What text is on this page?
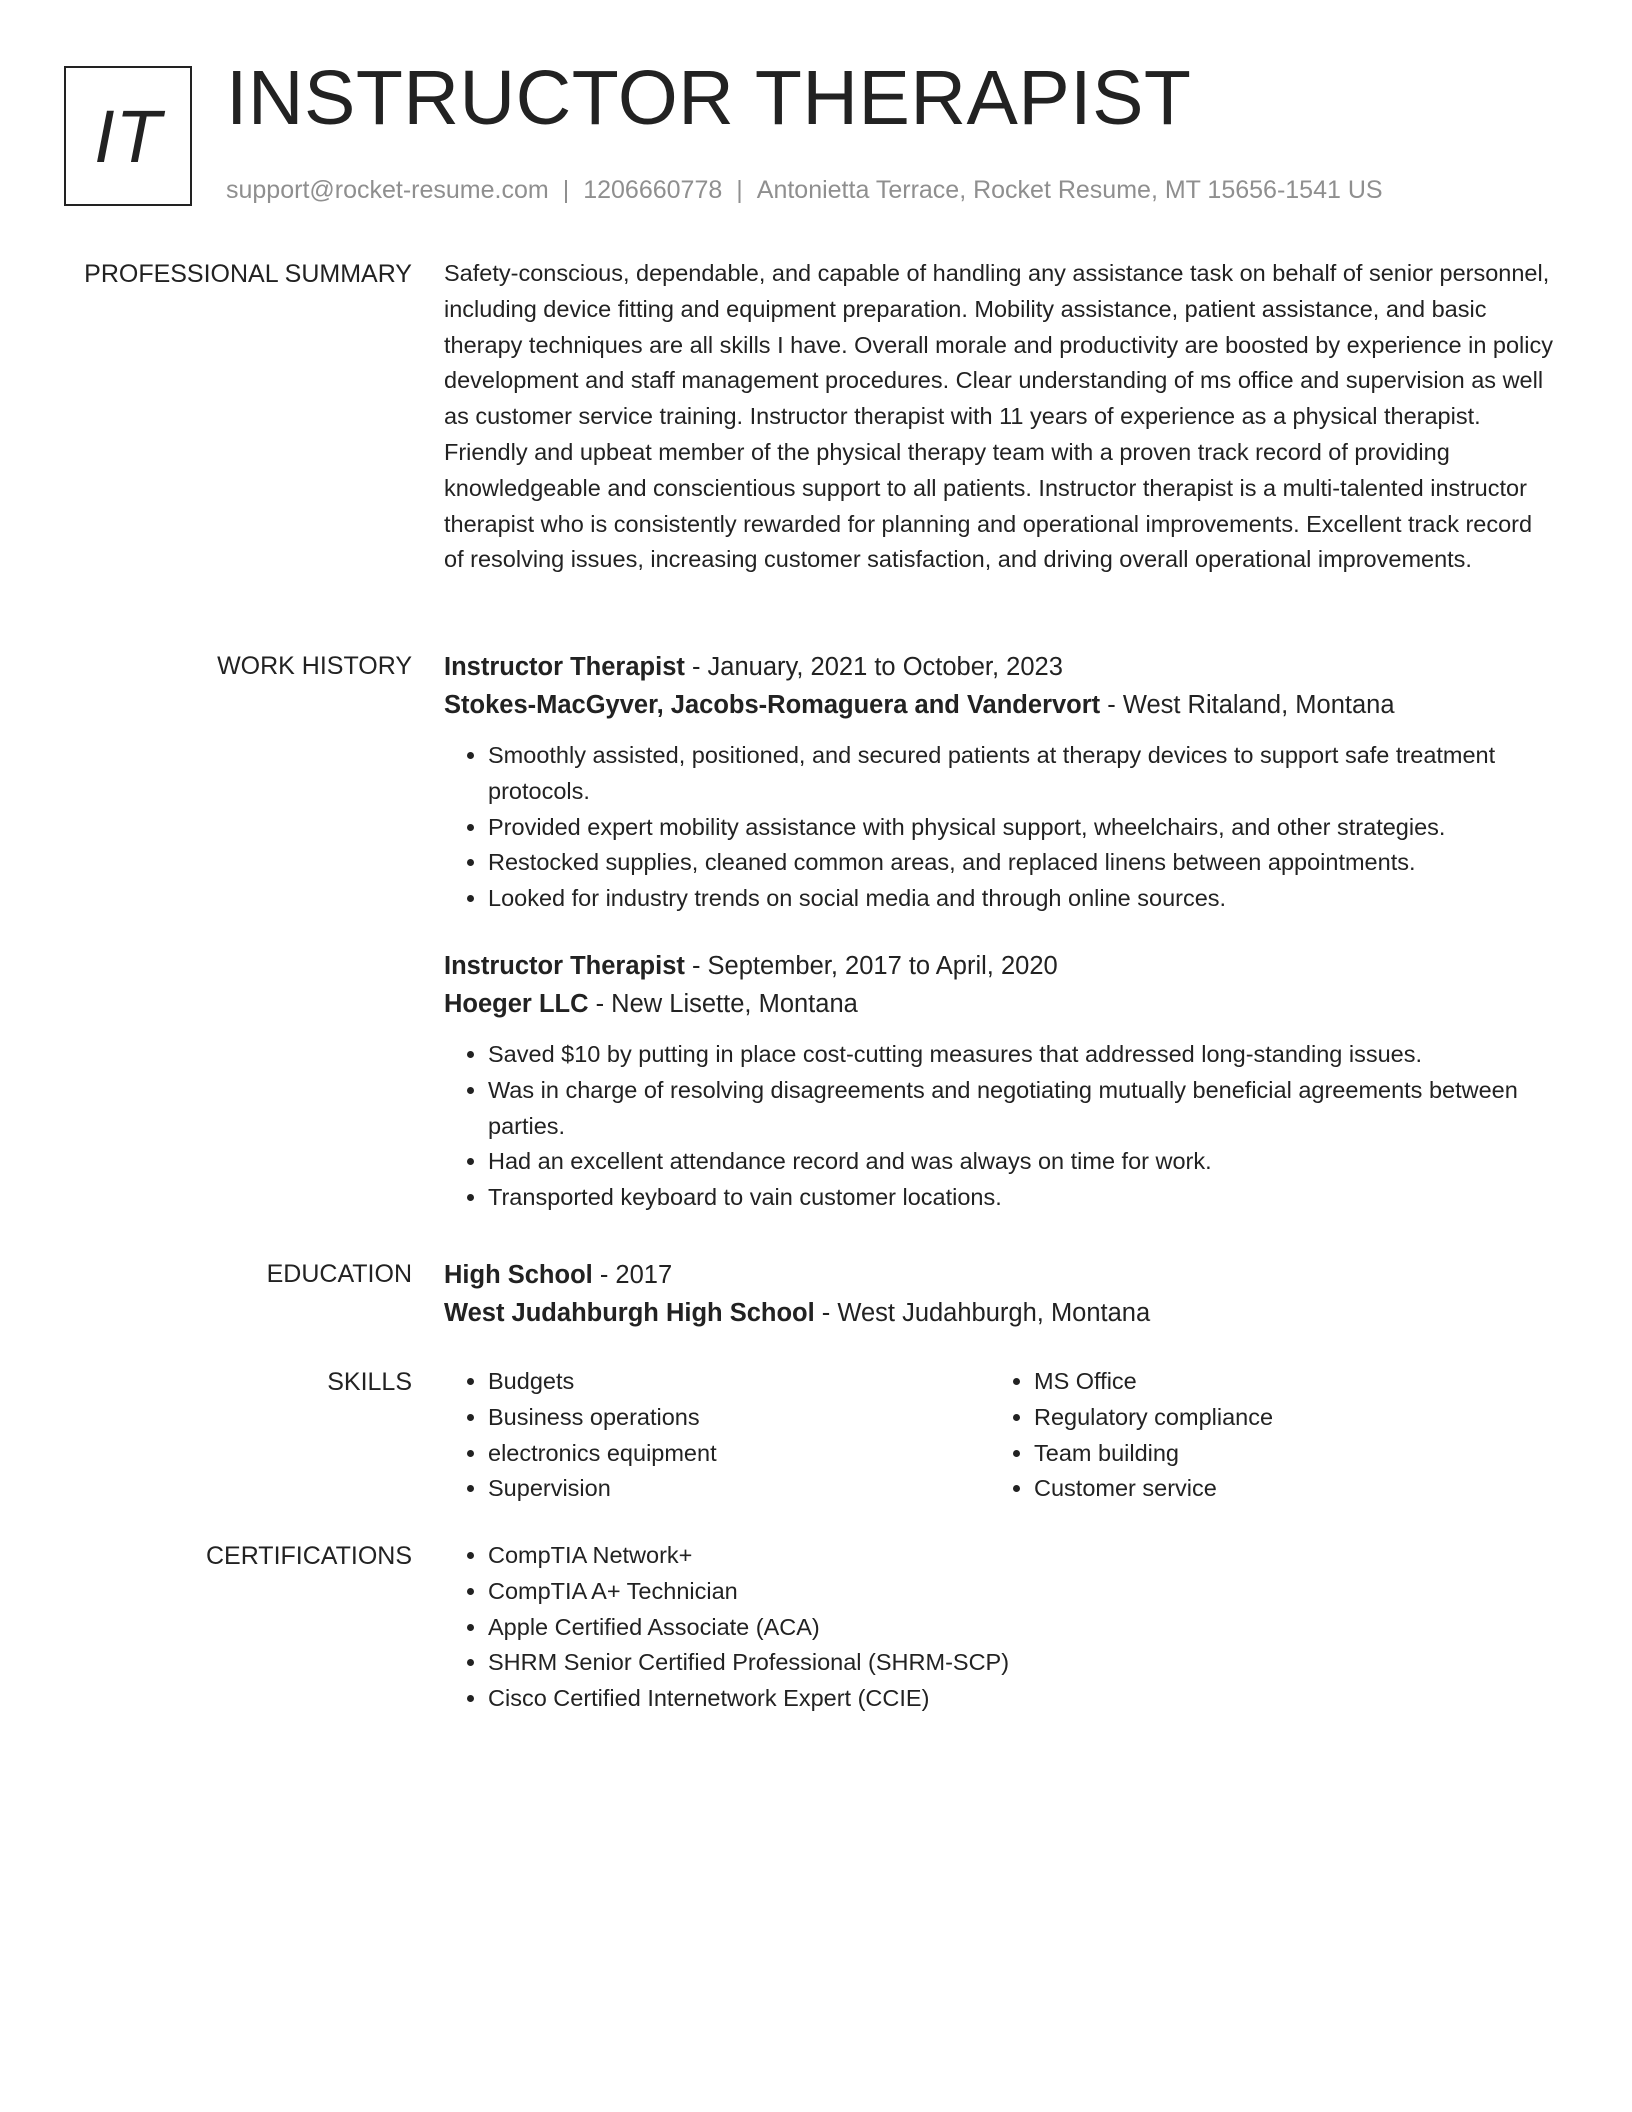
IT INSTRUCTOR THERAPIST
support@rocket-resume.com | 1206660778 | Antonietta Terrace, Rocket Resume, MT 15656-1541 US
PROFESSIONAL SUMMARY Safety-conscious, dependable, and capable of handling any assistance task on behalf of senior personnel, including device fitting and equipment preparation. Mobility assistance, patient assistance, and basic therapy techniques are all skills I have. Overall morale and productivity are boosted by experience in policy development and staff management procedures. Clear understanding of ms office and supervision as well as customer service training. Instructor therapist with 11 years of experience as a physical therapist. Friendly and upbeat member of the physical therapy team with a proven track record of providing knowledgeable and conscientious support to all patients. Instructor therapist is a multi-talented instructor therapist who is consistently rewarded for planning and operational improvements. Excellent track record of resolving issues, increasing customer satisfaction, and driving overall operational improvements.

WORK HISTORY Instructor Therapist - January, 2021 to October, 2023
Stokes-MacGyver, Jacobs-Romaguera and Vandervort - West Ritaland, Montana
• Smoothly assisted, positioned, and secured patients at therapy devices to support safe treatment protocols.
• Provided expert mobility assistance with physical support, wheelchairs, and other strategies.
• Restocked supplies, cleaned common areas, and replaced linens between appointments.
• Looked for industry trends on social media and through online sources.
Instructor Therapist - September, 2017 to April, 2020
Hoeger LLC - New Lisette, Montana
• Saved $10 by putting in place cost-cutting measures that addressed long-standing issues.
• Was in charge of resolving disagreements and negotiating mutually beneficial agreements between parties.
• Had an excellent attendance record and was always on time for work.
• Transported keyboard to vain customer locations.
EDUCATION High School - 2017
West Judahburgh High School - West Judahburgh, Montana
SKILLS	• Budgets
• Business operations
• electronics equipment
• Supervision
• MS Office
• Regulatory compliance
• Team building
• Customer service
CERTIFICATIONS	• CompTIA Network+
• CompTIA A+ Technician
• Apple Certified Associate (ACA)
• SHRM Senior Certified Professional (SHRM-SCP)
• Cisco Certified Internetwork Expert (CCIE)
